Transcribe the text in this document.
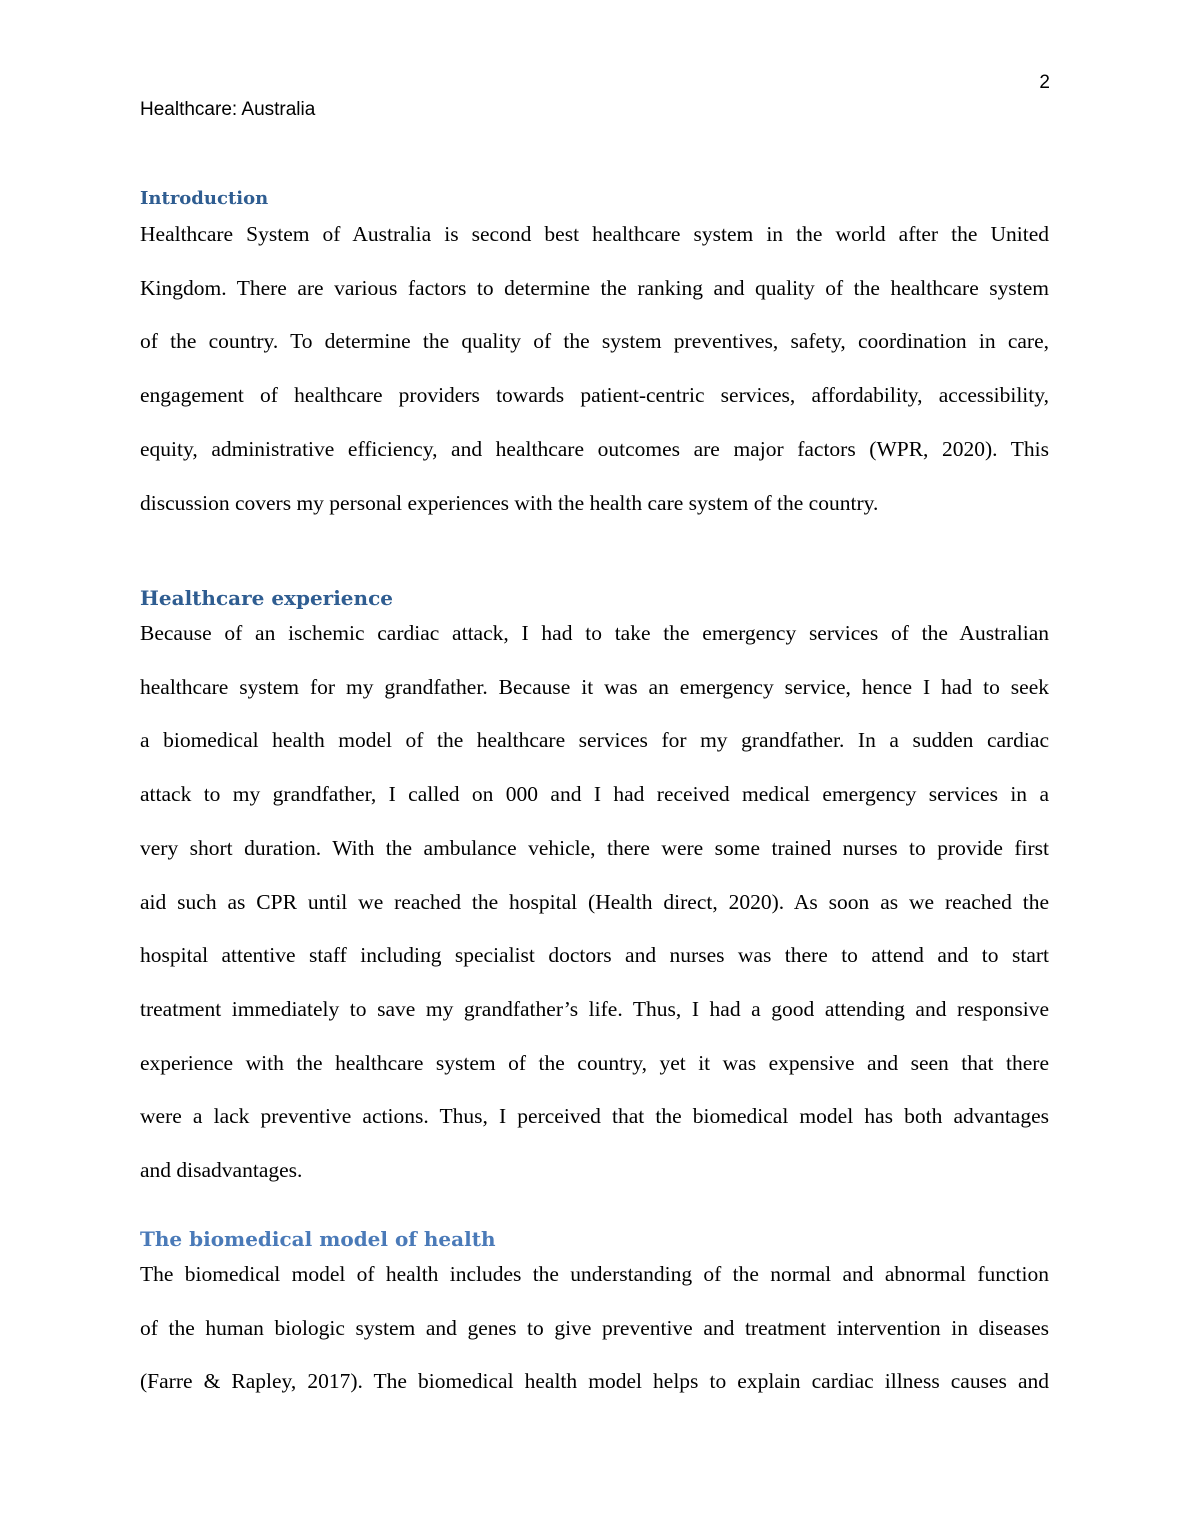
2
Healthcare: Australia
Introduction

Healthcare System of Australia is second best healthcare system in the world after the United
Kingdom. There are various factors to determine the ranking and quality of the healthcare system
of the country. To determine the quality of the system preventives, safety, coordination in care,
engagement of healthcare providers towards patient-centric services, affordability, accessibility,
equity, administrative efficiency, and healthcare outcomes are major factors (WPR, 2020). This
discussion covers my personal experiences with the health care system of the country.

Healthcare experience

Because of an ischemic cardiac attack, I had to take the emergency services of the Australian
healthcare system for my grandfather. Because it was an emergency service, hence I had to seek
a biomedical health model of the healthcare services for my grandfather. In a sudden cardiac
attack to my grandfather, I called on 000 and I had received medical emergency services in a
very short duration. With the ambulance vehicle, there were some trained nurses to provide first
aid such as CPR until we reached the hospital (Health direct, 2020). As soon as we reached the
hospital attentive staff including specialist doctors and nurses was there to attend and to start
treatment immediately to save my grandfather’s life. Thus, I had a good attending and responsive
experience with the healthcare system of the country, yet it was expensive and seen that there
were a lack preventive actions. Thus, I perceived that the biomedical model has both advantages
and disadvantages.

The biomedical model of health

The biomedical model of health includes the understanding of the normal and abnormal function
of the human biologic system and genes to give preventive and treatment intervention in diseases
(Farre & Rapley, 2017). The biomedical health model helps to explain cardiac illness causes and
